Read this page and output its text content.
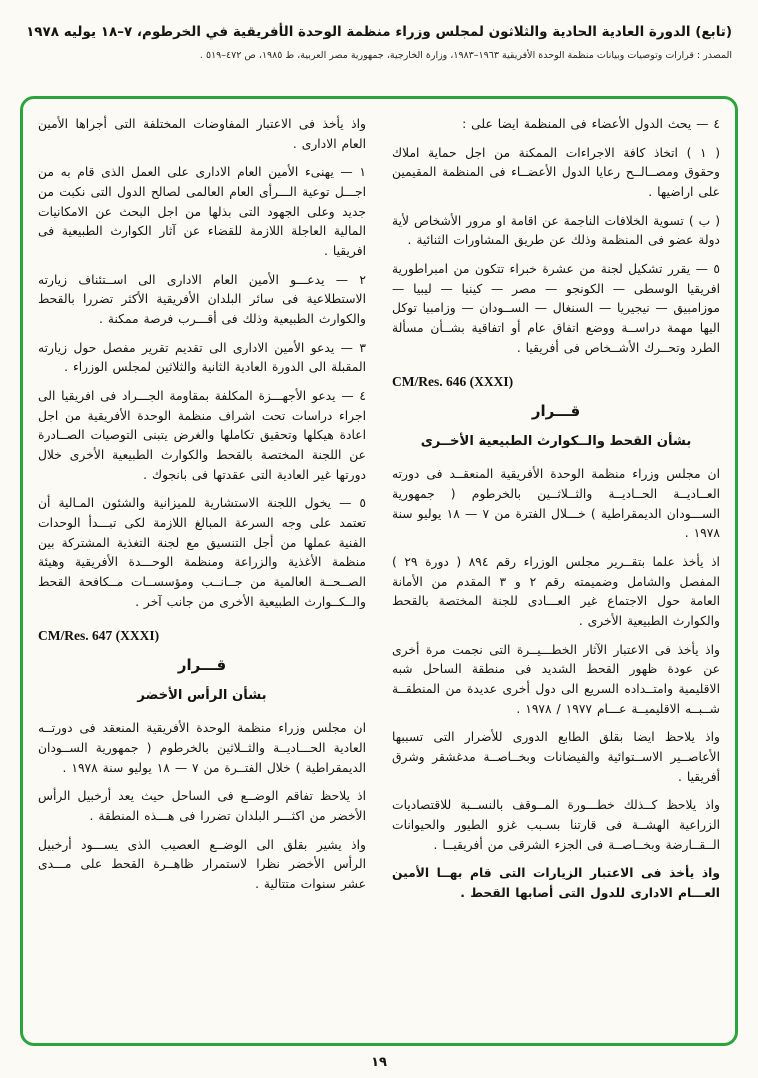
(تابع) الدورة العادية الحادية والثلاثون لمجلس وزراء منظمة الوحدة الأفريقية في الخرطوم، ٧–١٨ يوليه ١٩٧٨
المصدر : قرارات وتوصيات وبيانات منظمة الوحدة الأفريقية ١٩٦٣–١٩٨٣، وزارة الخارجية، جمهورية مصر العربية، ط ١٩٨٥، ص ٤٧٢–٥١٩ .

٤ — يحث الدول الأعضاء فى المنظمة ايضا على :

( ١ ) اتخاذ كافة الاجراءات الممكنة من اجل حماية املاك وحقوق ومصــالــح رعايا الدول الأعضــاء فى المنظمة المقيمين على اراضيها .

( ب ) تسوية الخلافات الناجمة عن اقامة او مرور الأشخاص لأية دولة عضو فى المنظمة وذلك عن طريق المشاورات الثنائية .

٥ — يقرر تشكيل لجنة من عشرة خبراء تتكون من امبراطورية افريقيا الوسطى — الكونجو — مصر — كينيا — ليبيا — موزامبيق — نيجيريا — السنغال — الســودان — وزامبيا توكل اليها مهمة دراســة ووضع اتفاق عام أو اتفاقية بشــأن مسألة الطرد وتحــرك الأشــخاص فى أفريقيا .

CM/Res. 646 (XXXI)
قـــرار
بشأن القحط والــكوارث الطبيعية الأخــرى

ان مجلس وزراء منظمة الوحدة الأفريقية المنعقــد فى دورته العــاديــة الحــاديــة والثــلاثــين بالخرطوم ( جمهورية الســـودان الديمقراطية ) خـــلال الفترة من ٧ — ١٨ يوليو سنة ١٩٧٨ .

اذ يأخذ علما بتقــرير مجلس الوزراء رقم ٨٩٤ ( دورة ٢٩ ) المفصل والشامل وضميمته رقم ٢ و ٣ المقدم من الأمانة العامة حول الاجتماع غير العـــادى للجنة المختصة بالقحط والكوارث الطبيعية الأخرى .

واذ يأخذ فى الاعتبار الآثار الخطـــيــرة التى نجمت مرة أخرى عن عودة ظهور القحط الشديد فى منطقة الساحل شبه الاقليمية وامتــداده السريع الى دول أخرى عديدة من المنطقــة شــبــه الاقليميــة عـــام ١٩٧٧ / ١٩٧٨ .

واذ يلاحظ ايضا بقلق الطابع الدورى للأضرار التى تسببها الأعاصــير الاســتوائية والفيضانات وبخــاصــة مدغشقر وشرق أفريقيا .

واذ يلاحظ كــذلك خطـــورة المــوقف بالنســبة للاقتصاديات الزراعية الهشــة فى قارتنا بسـبب غزو الطيور والحيوانات الــقــارضة وبخــاصــة فى الجزء الشرقى من أفريقيــا .

واذ يأخذ فى الاعتبار الزيارات التى قام بهــا الأمين العـــام الادارى للدول التى أصابها القحط .

واذ يأخذ فى الاعتبار المفاوضات المختلفة التى أجراها الأمين العام الادارى .

١ — يهنىء الأمين العام الادارى على العمل الذى قام به من اجـــل توعية الـــرأى العام العالمى لصالح الدول التى نكبت من جديد وعلى الجهود التى بذلها من اجل البحث عن الامكانيات المالية العاجلة اللازمة للقضاء عن آثار الكوارث الطبيعية فى افريقيا .

٢ — يدعـــو الأمين العام الادارى الى اســتئناف زيارته الاستطلاعية فى سائر البلدان الأفريقية الأكثر تضررا بالقحط والكوارث الطبيعية وذلك فى أقـــرب فرصة ممكنة .

٣ — يدعو الأمين الادارى الى تقديم تقرير مفصل حول زيارته المقبلة الى الدورة العادية الثانية والثلاثين لمجلس الوزراء .

٤ — يدعو الأجهـــزة المكلفة بمقاومة الجـــراد فى افريقيا الى اجراء دراسات تحت اشراف منظمة الوحدة الأفريقية من اجل اعادة هيكلها وتحقيق تكاملها والغرض يتبنى التوصيات الصــادرة عن اللجنة المختصة بالقحط والكوارث الطبيعية الأخرى خلال دورتها غير العادية التى عقدتها فى بانجوك .

٥ — يخول اللجنة الاستشارية للميزانية والشئون المـالية أن تعتمد على وجه السرعة المبالغ اللازمة لكى تبـــدأ الوحدات الفنية عملها من أجل التنسيق مع لجنة التغذية المشتركة بين منظمة الأغذية والزراعة ومنظمة الوحـــدة الأفريقية وهيئة الصــحــة العالمية من جــانــب ومؤسســات مــكافحة القحط والــكــوارث الطبيعية الأخرى من جانب آخر .

CM/Res. 647 (XXXI)
قـــرار
بشأن الرأس الأخضر

ان مجلس وزراء منظمة الوحدة الأفريقية المنعقد فى دورتــه العادية الحـــاديــة والثــلاثين بالخرطوم ( جمهورية الســودان الديمقراطية ) خلال الفتــرة من ٧ — ١٨ يوليو سنة ١٩٧٨ .

اذ يلاحظ تفاقم الوضــع فى الساحل حيث يعد أرخبيل الرأس الأخضر من اكثـــر البلدان تضررا فى هـــذه المنطقة .

واذ يشير بقلق الى الوضــع العصيب الذى يســـود أرخبيل الرأس الأخضر نظرا لاستمرار ظاهــرة القحط على مـــدى عشر سنوات متتالية .

١٩
